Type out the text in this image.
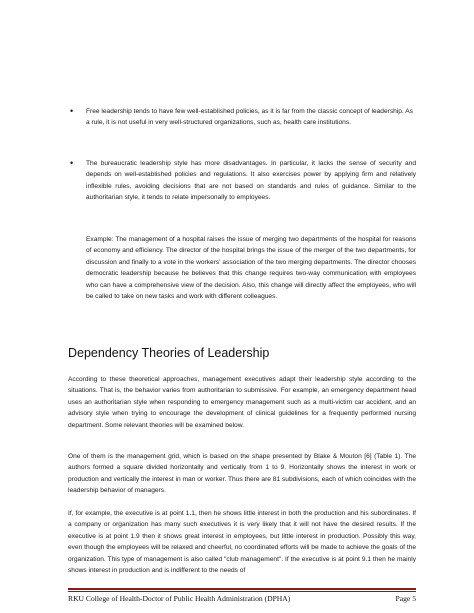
• Free leadership tends to have few well-established policies, as it is far from the classic concept of leadership. As a rule, it is not useful in very well-structured organizations, such as, health care institutions.

• The bureaucratic leadership style has more disadvantages. In particular, it lacks the sense of security and depends on well-established policies and regulations. It also exercises power by applying firm and relatively inflexible rules, avoiding decisions that are not based on standards and rules of guidance. Similar to the authoritarian style, it tends to relate impersonally to employees.

Example: The management of a hospital raises the issue of merging two departments of the hospital for reasons of economy and efficiency. The director of the hospital brings the issue of the merger of the two departments, for discussion and finally to a vote in the workers' association of the two merging departments. The director chooses democratic leadership because he believes that this change requires two-way communication with employees who can have a comprehensive view of the decision. Also, this change will directly affect the employees, who will be called to take on new tasks and work with different colleagues.

Dependency Theories of Leadership

According to these theoretical approaches, management executives adapt their leadership style according to the situations. That is, the behavior varies from authoritarian to submissive. For example, an emergency department head uses an authoritarian style when responding to emergency management such as a multi-victim car accident, and an advisory style when trying to encourage the development of clinical guidelines for a frequently performed nursing department. Some relevant theories will be examined below.

One of them is the management grid, which is based on the shape presented by Blake & Mouton [6] (Table 1). The authors formed a square divided horizontally and vertically from 1 to 9. Horizontally shows the interest in work or production and vertically the interest in man or worker. Thus there are 81 subdivisions, each of which coincides with the leadership behavior of managers.

If, for example, the executive is at point 1.1, then he shows little interest in both the production and his subordinates. If a company or organization has many such executives it is very likely that it will not have the desired results. If the executive is at point 1.9 then it shows great interest in employees, but little interest in production. Possibly this way, even though the employees will be relaxed and cheerful, no coordinated efforts will be made to achieve the goals of the organization. This type of management is also called "club management". If the executive is at point 9.1 then he mainly shows interest in production and is indifferent to the needs of

RKU College of Health-Doctor of Public Health Administration (DPHA)	Page 5
